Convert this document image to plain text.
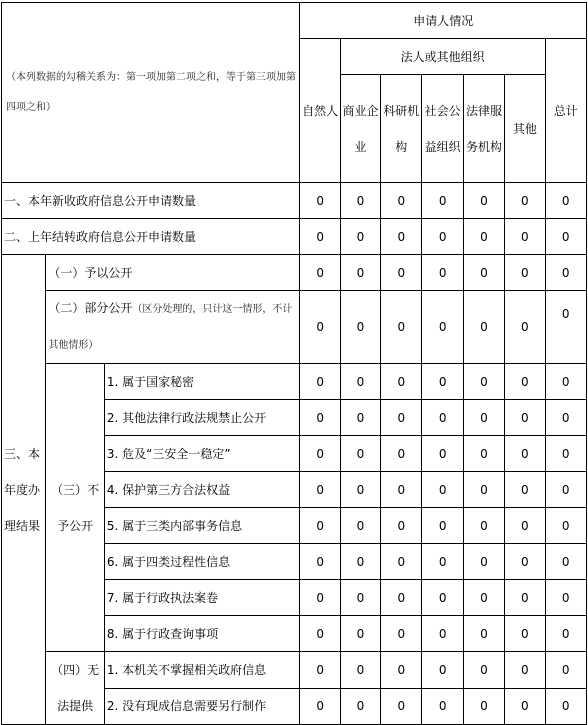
（本列数据的勾稽关系为：第一项加第二项之和，等于第三项加第四项之和）			申请人情况						
			自然人	法人或其他组织					总计
				商业企业	科研机构	社会公益组织	法律服务机构	其他	
一、本年新收政府信息公开申请数量			0	0	0	0	0	0	0
二、上年结转政府信息公开申请数量			0	0	0	0	0	0	0
三、本年度办理结果	（一）予以公开		0	0	0	0	0	0	0
	（二）部分公开（区分处理的，只计这一情形，不计其他情形）		0	0	0	0	0	0	0
	（三）不予公开	1. 属于国家秘密	0	0	0	0	0	0	0
		2. 其他法律行政法规禁止公开	0	0	0	0	0	0	0
		3. 危及“三安全一稳定”	0	0	0	0	0	0	0
		4. 保护第三方合法权益	0	0	0	0	0	0	0
		5. 属于三类内部事务信息	0	0	0	0	0	0	0
		6. 属于四类过程性信息	0	0	0	0	0	0	0
		7. 属于行政执法案卷	0	0	0	0	0	0	0
		8. 属于行政查询事项	0	0	0	0	0	0	0
	（四）无法提供	1. 本机关不掌握相关政府信息	0	0	0	0	0	0	0
		2. 没有现成信息需要另行制作	0	0	0	0	0	0	0
